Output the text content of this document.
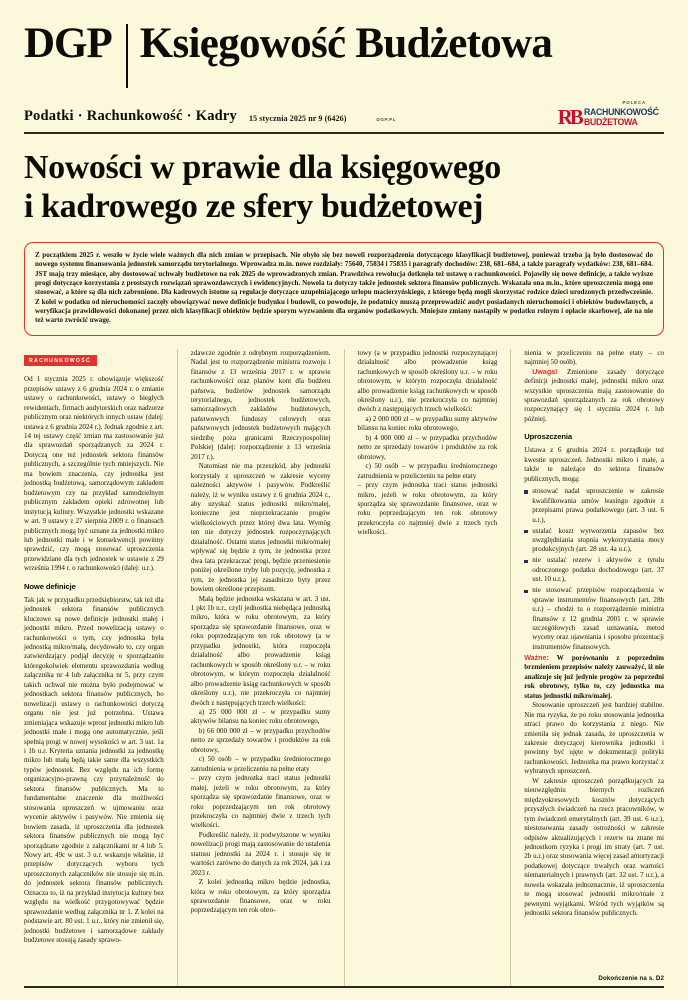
DGP Księgowość Budżetowa
Podatki · Rachunkowość · Kadry 15 stycznia 2025 nr 9 (6426)	DGP.PL
POLECA
RB RACHUNKOWOŚĆ
BUDŻETOWA
Nowości w prawie dla księgowego
i kadrowego ze sfery budżetowej
Z początkiem 2025 r. weszło w życie wiele ważnych dla nich zmian w przepisach. Nie obyło się bez noweli rozporządzenia dotyczącego klasyfikacji budżetowej, ponieważ trzeba ją było dostosować do nowego systemu finansowania jednostek samorządu terytorialnego. Wprowadza m.in. nowe rozdziały: 75640, 75834 i 75835 i paragrafy dochodów: 238, 681–684, a także paragrafy wydatków: 238, 681–684. JST mają trzy miesiące, aby dostosować uchwały budżetowe na rok 2025 do wprowadzonych zmian. Prawdziwa rewolucja dotknęła też ustawę o rachunkowości. Pojawiły się nowe definicje, a także wyższe progi dotyczące korzystania z prostszych rozwiązań sprawozdawczych i ewidencyjnych. Nowela ta dotyczy także jednostek sektora finansów publicznych. Wskazała ona m.in., które uproszczenia mogą one stosować, a które są dla nich zabronione. Dla kadrowych istotne są regulacje dotyczące uzupełniającego urlopu macierzyńskiego, z którego będą mogli skorzystać rodzice dzieci urodzonych przedwcześnie. Z kolei w podatku od nieruchomości zaczęły obowiązywać nowe definicje budynku i budowli, co powoduje, że podatnicy muszą przeprowadzić audyt posiadanych nieruchomości i obiektów budowlanych, a weryfikacja prawidłowości dokonanej przez nich klasyfikacji obiektów będzie sporym wyzwaniem dla organów podatkowych. Mniejsze zmiany nastąpiły w podatku rolnym i opłacie skarbowej, ale na nie też warto zwrócić uwagę.
RACHUNKOWOŚĆ

Od 1 stycznia 2025 r. obowiązuje większość przepisów ustawy z 6 grudnia 2024 r. o zmianie ustawy o rachunkowości, ustawy o biegłych rewidentach, firmach audytorskich oraz nadzorze publicznym oraz niektórych innych ustaw (dalej: ustawa z 6 grudnia 2024 r.). Jednak zgodnie z art. 14 tej ustawy część zmian ma zastosowanie już dla sprawozdań sporządzanych za 2024 r. Dotyczą one też jednostek sektora finansów publicznych, a szczególnie tych mniejszych. Nie ma bowiem znaczenia, czy jednostka jest jednostką budżetową, samorządowym zakładem budżetowym czy na przykład samodzielnym publicznym zakładem opieki zdrowotnej lub instytucją kultury. Wszystkie jednostki wskazane w art. 9 ustawy z 27 sierpnia 2009 r. o finansach publicznych mogą być uznane za jednostki mikro lub jednostki małe i w konsekwencji powinny sprawdzić, czy mogą stosować uproszczenia przewidziane dla tych jednostek w ustawie z 29 września 1994 r. o rachunkowości (dalej: u.r.).

Nowe definicje

Tak jak w przypadku przedsiębiorstw, tak też dla jednostek sektora finansów publicznych kluczowe są nowe definicje jednostki małej i jednostki mikro. Przed nowelizacją ustawy o rachunkowości o tym, czy jednostka była jednostką mikro/małą, decydowało to, czy organ zatwierdzający podjął decyzję o sporządzaniu któregokolwiek elementu sprawozdania według załącznika nr 4 lub załącznika nr 5, przy czym takich uchwał nie można było podejmować w jednostkach sektora finansów publicznych, bo nowelizacji ustawy o rachunkowości dotyczą organu nie jest już potrzebna. Ustawa zmieniająca wskazuje wprost jednostki mikro lub jednostki małe i mogą one automatycznie, jeśli spełnią progi w nowej wysokości w art. 3 ust. 1a i 1b u.r. Kryteria uznania jednostki za jednostkę mikro lub małą będą takie same dla wszystkich typów jednostek. Bez względu na ich formę organizacyjno-prawną czy przynależność do sektora finansów publicznych. Ma to fundamentalne znaczenie dla możliwości stosowania uproszczeń w ujmowaniu oraz wycenie aktywów i pasywów. Nie zmienia się bowiem zasada, iż uproszczenia dla jednostek sektora finansów publicznych nie mogą być sporządzane zgodnie z załącznikami nr 4 lub 5. Nowy art. 49c w ust. 3 u.r. wskazuje właśnie, iż przepisów dotyczących wyboru tych uproszczonych załączników nie stosuje się m.in. do jednostek sektora finansów publicznych. Oznacza to, iż na przykład instytucja kultury bez względu na wielkość przygotowywać będzie sprawozdanie według załącznika nr 1. Z kolei na podstawie art. 80 ust. 1 u.r., który nie zmienił się, jednostki budżetowe i samorządowe zakłady budżetowe stosują zasady sprawo-

zdawcze zgodnie z odrębnym rozporządzeniem. Nadal jest to rozporządzenie ministra rozwoju i finansów z 13 września 2017 r. w sprawie rachunkowości oraz planów kont dla budżetu państwa, budżetów jednostek samorządu terytorialnego, jednostek budżetowych, samorządowych zakładów budżetowych, państwowych funduszy celowych oraz państwowych jednostek budżetowych mających siedzibę poza granicami Rzeczypospolitej Polskiej (dalej: rozporządzenie z 13 września 2017 r.).

Natomiast nie ma przeszkód, aby jednostki korzystały z uproszczeń w zakresie wyceny należności aktywów i pasywów. Podkreślić należy, iż w wyniku ustawy z 6 grudnia 2024 r., aby uzyskać status jednostki mikro/małej, konieczne jest nieprzekraczanie progów wielkościowych przez której dwa lata. Wymóg ten nie dotyczy jednostek rozpoczynających działalność. Ostatni status jednostki mikro/małej wpływać się będzie z tym, że jednostka przez dwa lata przekraczać progi, będzie przeniesienie poniżej określone tryby lub pozycję, jednostka z tym, że jednostka jej zasadniczo byty przez bowiem określone przepisom.

Małą będzie jednostka wskazana w art. 3 ust. 1 pkt 1b u.r., czyli jednostka niebędąca jednostką mikro, która w roku obrotowym, za który sporządza się sprawozdanie finansowe, oraz w roku poprzedzającym ten rok obrotowy (a w przypadku jednostki, która rozpoczęła działalność albo prowadzenie ksiąg rachunkowych w sposób określony u.r. – w roku obrotowym, w którym rozpoczęła działalność albo prowadzenie ksiąg rachunkowych w sposób określony u.r.), nie przekroczyła co najmniej dwóch z następujących trzech wielkości:

a) 25 000 000 zł – w przypadku sumy aktywów bilansu na koniec roku obrotowego,

b) 66 000 000 zł – w przypadku przychodów netto ze sprzedaży towarów i produktów za rok obrotowy,

c) 50 osób – w przypadku średniorocznego zatrudnienia w przeliczeniu na pełne etaty

– przy czym jednostka traci status jednostki małej, jeżeli w roku obrotowym, za który sporządza się sprawozdanie finansowe, oraz w roku poprzedzającym ten rok obrotowy przekroczyła co najmniej dwie z trzech tych wielkości.

Podkreślić należy, iż podwyższone w wyniku nowelizacji progi mają zastosowanie do ustalenia statusu jednostki za 2024 r. i stosuje się te wartości zarówno do danych za rok 2024, jak i za 2023 r.

Z kolei jednostką mikro będzie jednostka, która w roku obrotowym, za który sporządza sprawozdanie finansowe, oraz w roku poprzedzającym ten rok obro-

towy (a w przypadku jednostki rozpoczynającej działalność albo prowadzenie ksiąg rachunkowych w sposób określony u.r. – w roku obrotowym, w którym rozpoczęła działalność albo prowadzenie ksiąg rachunkowych w sposób określony u.r.), nie przekroczyła co najmniej dwóch z następujących trzech wielkości:

a) 2 000 000 zł – w przypadku sumy aktywów bilansu na koniec roku obrotowego,

b) 4 000 000 zł – w przypadku przychodów netto ze sprzedaży towarów i produktów za rok obrotowy,

c) 50 osób – w przypadku średniorocznego zatrudnienia w przeliczeniu na pełne etaty

– przy czym jednostka traci status jednostki mikro, jeżeli w roku obrotowym, za który sporządza się sprawozdanie finansowe, oraz w roku poprzedzającym ten rok obrotowy przekroczyła co najmniej dwie z trzech tych wielkości.

nienia w przeliczeniu na pełne etaty – co najmniej 50 osób).

Uwaga! Zmienione zasady dotyczące definicji jednostki małej, jednostki mikro oraz wszystkie uproszczenia mają zastosowanie do sprawozdań sporządzanych za rok obrotowy rozpoczynający się 1 stycznia 2024 r. lub później.

Uproszczenia

Ustawa z 6 grudnia 2024 r. porządkuje też kwestie uproszczeń. Jednostki mikro i małe, a także te należące do sektora finansów publicznych, mogą:

stosować nadal uproszczenie w zakresie kwalifikowania umów leasingu zgodnie z przepisami prawa podatkowego (art. 3 ust. 6 u.r.),
ustalać koszt wytworzenia zapasów bez uwzględniania stopnia wykorzystania mocy produkcyjnych (art. 28 ust. 4a u.r.),
nie ustalać rezerw i aktywów z tytułu odroczonego podatku dochodowego (art. 37 ust. 10 u.r.),
nie stosować przepisów rozporządzenia w sprawie instrumentów finansowych (art. 28b u.r.) – chodzi tu o rozporządzenie ministra finansów z 12 grudnia 2001 r. w sprawie szczegółowych zasad uznawania, metod wyceny oraz ujawniania i sposobu prezentacji instrumentów finansowych.

Ważne: W porównaniu z poprzednim brzmieniem przepisów należy zauważyć, iż nie analizuje się już jedynie progów za poprzedni rok obrotowy, tylko to, czy jednostka ma status jednostki mikro/małej.

Stosowanie uproszczeń jest bardziej stabilne. Nie ma ryzyka, że po roku stosowania jednostka utraci prawo do korzystania z niego. Nie zmieniła się jednak zasada, że uproszczenia w zakresie dotyczącej kierownika jednostki i powinny być ujęte w dokumentacji polityki rachunkowości. Jednostka ma prawo korzystać z wybranych uproszczeń.

W zakresie uproszczeń porządkujących za nieuwzględniu biernych rozliczeń międzyokresowych kosztów dotyczących przyszłych świadczeń na rzecz pracowników, w tym świadczeń emerytalnych (art. 39 ust. 6 u.r.), niestosowania zasady ostrożności w zakresie odpisów aktualizujących i rezerw na znane mi jednostkom ryzyka i progi im straty (art. 7 ust. 2b u.r.) oraz stosowania więcej zasad amortyzacji podatkowej dotyczące trwałych oraz wartości niematerialnych i prawnych (art. 32 ust. 7 u.r.), a nowela wskazała jednoznacznie, iż uproszczenia te mogą stosować jednostki mikro/małe z pewnymi wyjątkami. Wśród tych wyjątków są jednostki sektora finansów publicznych.

Dokończenie na s. D2
